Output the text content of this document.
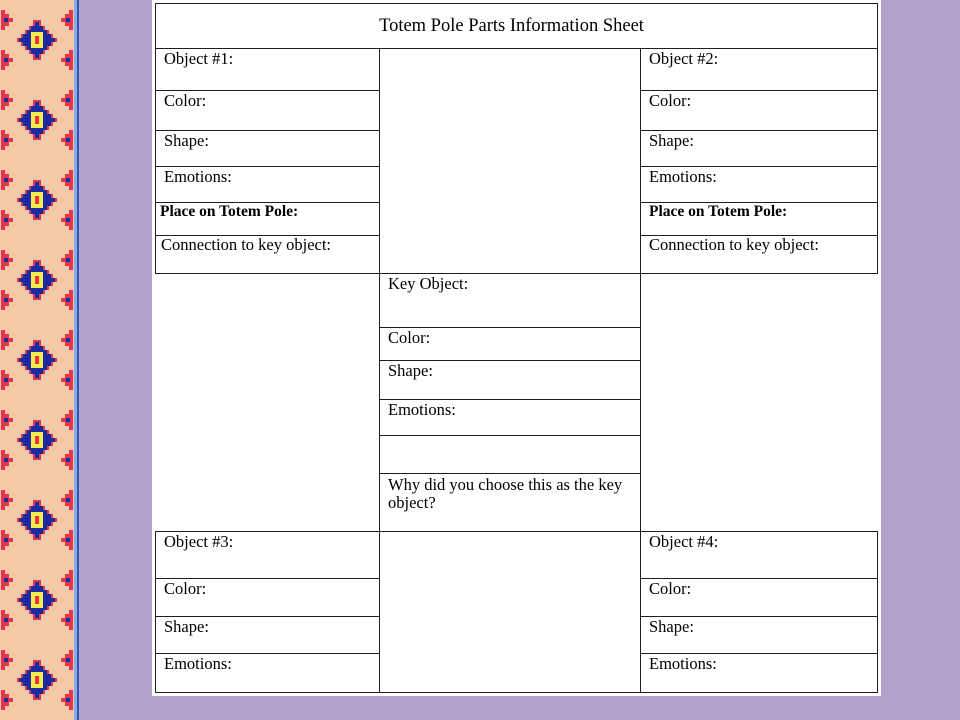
Totem Pole Parts Information Sheet
Object #1:
Color:
Shape:
Emotions:
Place on Totem Pole:
Connection to key object:
Object #2:
Color:
Shape:
Emotions:
Place on Totem Pole:
Connection to key object:
Key Object:
Color:
Shape:
Emotions:
Why did you choose this as the key object?
Object #3:
Color:
Shape:
Emotions:
Object #4:
Color:
Shape:
Emotions:
